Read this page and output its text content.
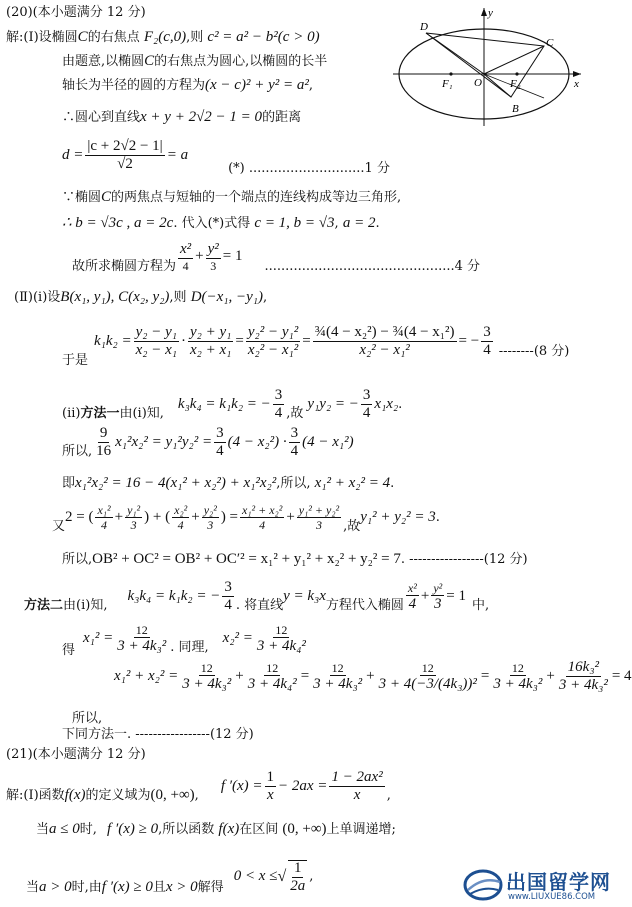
(20)(本小题满分 12 分)
D
C
F₁ O	F₂
B
x
y
解:(Ⅰ)设椭圆C的右焦点 F₂(c,0),则 c² = a² − b²(c > 0)
由题意,以椭圆C的右焦点为圆心,以椭圆的长半
轴长为半径的圆的方程为(x − c)² + y² = a²,
∴圆心到直线x + y + 2√2 − 1 = 0的距离
$d = \frac{|c + 2√2 - 1|}{√2} = a$
(*) ............................1 分
∵椭圆C的两焦点与短轴的一个端点的连线构成等边三角形,
∴ b = √3c , a = 2c. 代入(*)式得 c = 1, b = √3, a = 2.
故所求椭圆方程为 $\frac{\text{x²}}{4} + \frac{\text{y²}}{3} = 1$
..............................................4 分
(Ⅱ)(i)设B(x₁, y₁), C(x₂, y₂),则 D(−x₁, −y₁),
于是
$k_1k_2 = \frac{\text{y₂ − y₁}}{\text{x₂ − x₁}} \cdot \frac{\text{y₂ + y₁}}{\text{x₂ + x₁}} = \frac{\text{y₂² − y₁²}}{\text{x₂² − x₁²}} = \frac{\text{¾(4 − x₂²) − ¾(4 − x₁²)}}{\text{x₂² − x₁²}}$ = − $\frac{3}{4} --------(8$ 分)
(ii) 方法一 由(i)知,
k₃k₄ = k₁k₂ = − $\frac{3}{4}$ ,故
y₁y₂ = − $\frac{3}{4} x_1x_2$ .
所以, $\frac{9}{16} x_1^2x_2^2 = y_1^2y_2^2 = \frac{3}{4} (4 - x_2^2) \cdot \frac{3}{4} (4 - x_1^2)$
即x₁²x₂² = 16 − 4(x₁² + x₂²) + x₁²x₂²,所以, x₁² + x₂² = 4.
又
2 = ( $\frac{\text{x₁²}}{4} + \frac{\text{y₁²}}{3}$ ) + ( $\frac{\text{x₂²}}{4} + \frac{\text{y₂²}}{3}$ ) = $\frac{\text{x₁² + x₂²}}{4} + \frac{\text{y₁² + y₂²}}{3}$ ,故
y₁² + y₂² = 3 .
所以,OB² + OC² = OB² + OC′² = x₁² + y₁² + x₂² + y₂² = 7. -----------------(12 分)
方法二 由(i)知,
k₃k₄ = k₁k₂ = − $\frac{3}{4}$ . 将直线
y = k₃x
方程代入椭圆 $\frac{\text{x²}}{4} + \frac{\text{y²}}{3} = 1$
中,
得
$x_1^2 = \frac{12}{\text{3 + 4k₃²}}$ . 同理,
$x_2^2 = \frac{12}{\text{3 + 4k₄²}}$
$x_1^2 + x_2^2 = \frac{12}{\text{3 + 4k₃²}} + \frac{12}{\text{3 + 4k₄²}} = \frac{12}{\text{3 + 4k₃²}} + \frac{12}{\text{3 + 4(−3/(4k₃))²}} = \frac{12}{\text{3 + 4k₃²}} + \frac{\text{16k₃²}}{\text{3 + 4k₃²}} = 4$
所以,
下同方法一. -----------------(12 分)
(21)(本小题满分 12 分)
解:(Ⅰ)函数 f(x) 的定义域为 (0, +∞) ,
f $'(x) = \frac{1}{x} - 2ax = \frac{\text{1 − 2ax²}}{x}$ ,
当a ≤ 0时, f ′(x) ≥ 0,所以函数 f(x)在区间 (0, +∞)上单调递增;
当 a > 0 时,由 f ′(x) ≥ 0 且 x > 0 解得
0 < x ≤ √ $\frac{1}{2a}$ ,	出国留学网
www.LIUXUE86.COM
